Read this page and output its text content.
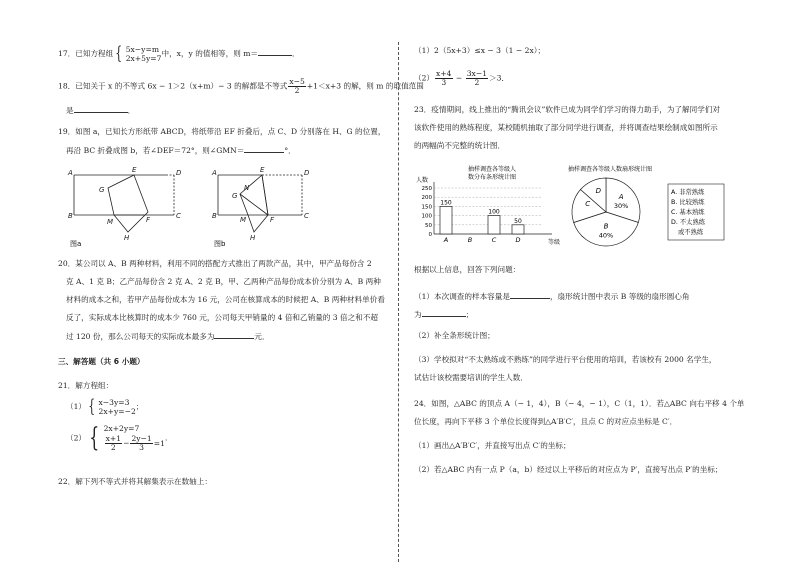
17．已知方程组 { 5x−y=m
2x+5y=7
中，x，y 的值相等，则 m＝	．
18．已知关于 x 的不等式 6x − 1＞2（x+m）− 3 的解都是不等式 $\frac{x-5}{2} +1<x+3$ 的解，则 m 的取值范围
是	．
19．如图 a，已知长方形纸带 ABCD，将纸带沿 EF 折叠后，点 C、D 分别落在 H、G 的位置，
再沿 BC 折叠成图 b，若∠DEF＝72°，则∠GMN＝	°．
A	D
B	C
E
F
G
M
H
图a
A	D
B	C
E
F
G
N
M
H
图b
20．某公司以 A、B 两种材料，利用不同的搭配方式推出了两款产品，其中，甲产品每份含 2
克 A、1 克 B；乙产品每份含 2 克 A、2 克 B，甲、乙两种产品每份成本价分别为 A、B 两种
材料的成本之和，若甲产品每份成本为 16 元，公司在核算成本的时候把 A、B 两种材料单价看
反了，实际成本比核算时的成本少 760 元，公司每天甲销量的 4 倍和乙销量的 3 倍之和不超
过 120 份，那么公司每天的实际成本最多为	元．
三、解答题（共 6 小题）
21．解方程组：
（1） { x−3y=3
2x+y=−2
；
（2） { 2x+2y=7
$\frac{x+1}{2} - \frac{2y-1}{3} =1$
．
22．解下列不等式并将其解集表示在数轴上：
（1）2（5x+3）≤x − 3（1 − 2x）；
$(2) \frac{x+4}{3} - \frac{3x-1}{2} >3$．
23．疫情期间，线上推出的“腾讯会议”软件已成为同学们学习的得力助手，为了解同学们对
该软件使用的熟练程度，某校随机抽取了部分同学进行调查，并将调查结果绘制成如图所示
的两幅尚不完整的统计图．
抽样调查各等级人
数分布条形统计图
人数
0
50
100
150
200
250
150
A	B
100
C
50
D	等级
抽样调查各等级人数扇形统计图
A
30%
B
40%
C
D	A. 非常熟练
B. 比较熟练
C. 基本熟练
D. 不太熟练
或不熟练
根据以上信息，回答下列问题：
（1）本次调查的样本容量是	，扇形统计图中表示 B 等级的扇形圆心角
为	；
（2）补全条形统计图；
（3）学校拟对“不太熟练或不熟练”的同学进行平台使用的培训，若该校有 2000 名学生，
试估计该校需要培训的学生人数．
24．如图，△ABC 的顶点 A（− 1，4），B（− 4，− 1），C（1，1）．若△ABC 向右平移 4 个单
位长度，再向下平移 3 个单位长度得到△A′B′C′，且点 C 的对应点坐标是 C′．
（1）画出△A′B′C′，并直接写出点 C′的坐标；
（2）若△ABC 内有一点 P（a，b）经过以上平移后的对应点为 P′，直接写出点 P′的坐标；
